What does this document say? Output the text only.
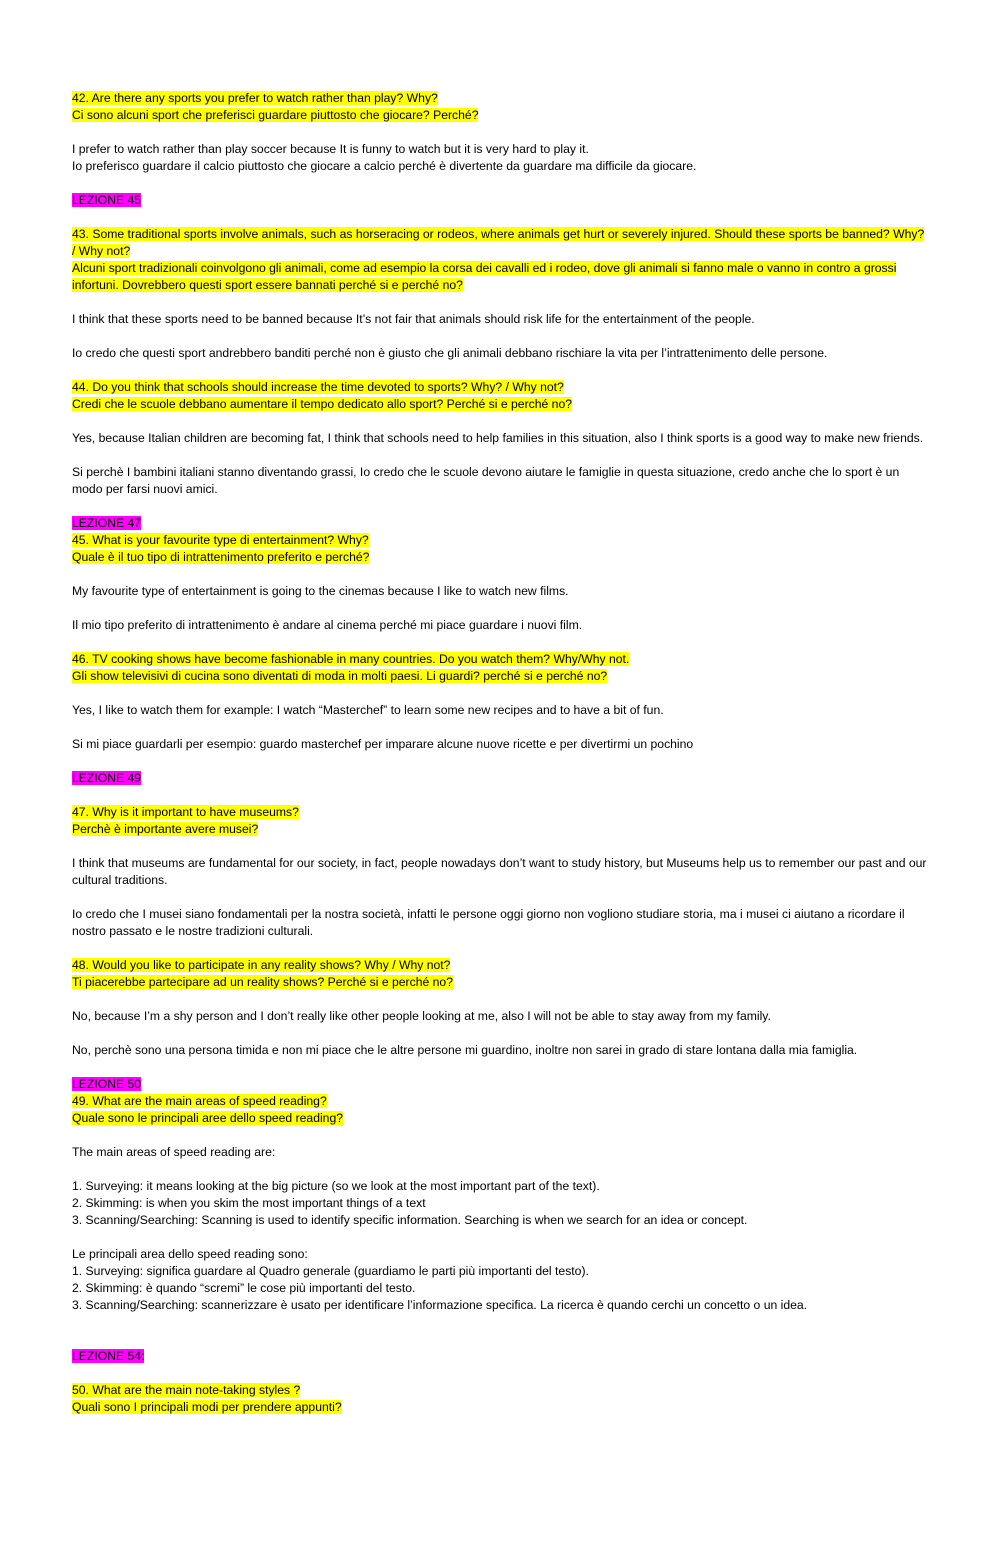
42. Are there any sports you prefer to watch rather than play? Why?
Ci sono alcuni sport che preferisci guardare piuttosto che giocare? Perché?
I prefer to watch rather than play soccer because It is funny to watch but it is very hard to play it.
Io preferisco guardare il calcio piuttosto che giocare a calcio perché è divertente da guardare ma difficile da giocare.
LEZIONE 45
43. Some traditional sports involve animals, such as horseracing or rodeos, where animals get hurt or severely injured. Should these sports be banned? Why? / Why not?
Alcuni sport tradizionali coinvolgono gli animali, come ad esempio la corsa dei cavalli ed i rodeo, dove gli animali si fanno male o vanno in contro a grossi infortuni. Dovrebbero questi sport essere bannati perché si e perché no?
I think that these sports need to be banned because It’s not fair that animals should risk life for the entertainment of the people.
Io credo che questi sport andrebbero banditi perché non è giusto che gli animali debbano rischiare la vita per l’intrattenimento delle persone.
44. Do you think that schools should increase the time devoted to sports? Why? / Why not?
Credi che le scuole debbano aumentare il tempo dedicato allo sport? Perché si e perché no?
Yes, because Italian children are becoming fat, I think that schools need to help families in this situation, also I think sports is a good way to make new friends.
Si perchè I bambini italiani stanno diventando grassi, Io credo che le scuole devono aiutare le famiglie in questa situazione, credo anche che lo sport è un modo per farsi nuovi amici.
LEZIONE 47
45. What is your favourite type di entertainment? Why?
Quale è il tuo tipo di intrattenimento preferito e perché?
My favourite type of entertainment is going to the cinemas because I like to watch new films.
Il mio tipo preferito di intrattenimento è andare al cinema perché mi piace guardare i nuovi film.
46. TV cooking shows have become fashionable in many countries. Do you watch them? Why/Why not.
Gli show televisivi di cucina sono diventati di moda in molti paesi. Li guardi? perché si e perché no?
Yes, I like to watch them for example: I watch “Masterchef” to learn some new recipes and to have a bit of fun.
Si mi piace guardarli per esempio: guardo masterchef per imparare alcune nuove ricette e per divertirmi un pochino
LEZIONE 49
47. Why is it important to have museums?
Perchè è importante avere musei?
I think that museums are fundamental for our society, in fact, people nowadays don’t want to study history, but Museums help us to remember our past and our cultural traditions.
Io credo che I musei siano fondamentali per la nostra società, infatti le persone oggi giorno non vogliono studiare storia, ma i musei ci aiutano a ricordare il nostro passato e le nostre tradizioni culturali.
48. Would you like to participate in any reality shows? Why / Why not?
Ti piacerebbe partecipare ad un reality shows? Perché si e perché no?
No, because I’m a shy person and I don’t really like other people looking at me, also I will not be able to stay away from my family.
No, perchè sono una persona timida e non mi piace che le altre persone mi guardino, inoltre non sarei in grado di stare lontana dalla mia famiglia.
LEZIONE 50
49. What are the main areas of speed reading?
Quale sono le principali aree dello speed reading?
The main areas of speed reading are:
1. Surveying: it means looking at the big picture (so we look at the most important part of the text).
2. Skimming: is when you skim the most important things of a text
3. Scanning/Searching: Scanning is used to identify specific information. Searching is when we search for an idea or concept.
Le principali area dello speed reading sono:
1. Surveying: significa guardare al Quadro generale (guardiamo le parti più importanti del testo).
2. Skimming: è quando “scremi” le cose più importanti del testo.
3. Scanning/Searching: scannerizzare è usato per identificare l’informazione specifica. La ricerca è quando cerchi un concetto o un idea.
LEZIONE 54:
50. What are the main note-taking styles ?
Quali sono I principali modi per prendere appunti?
